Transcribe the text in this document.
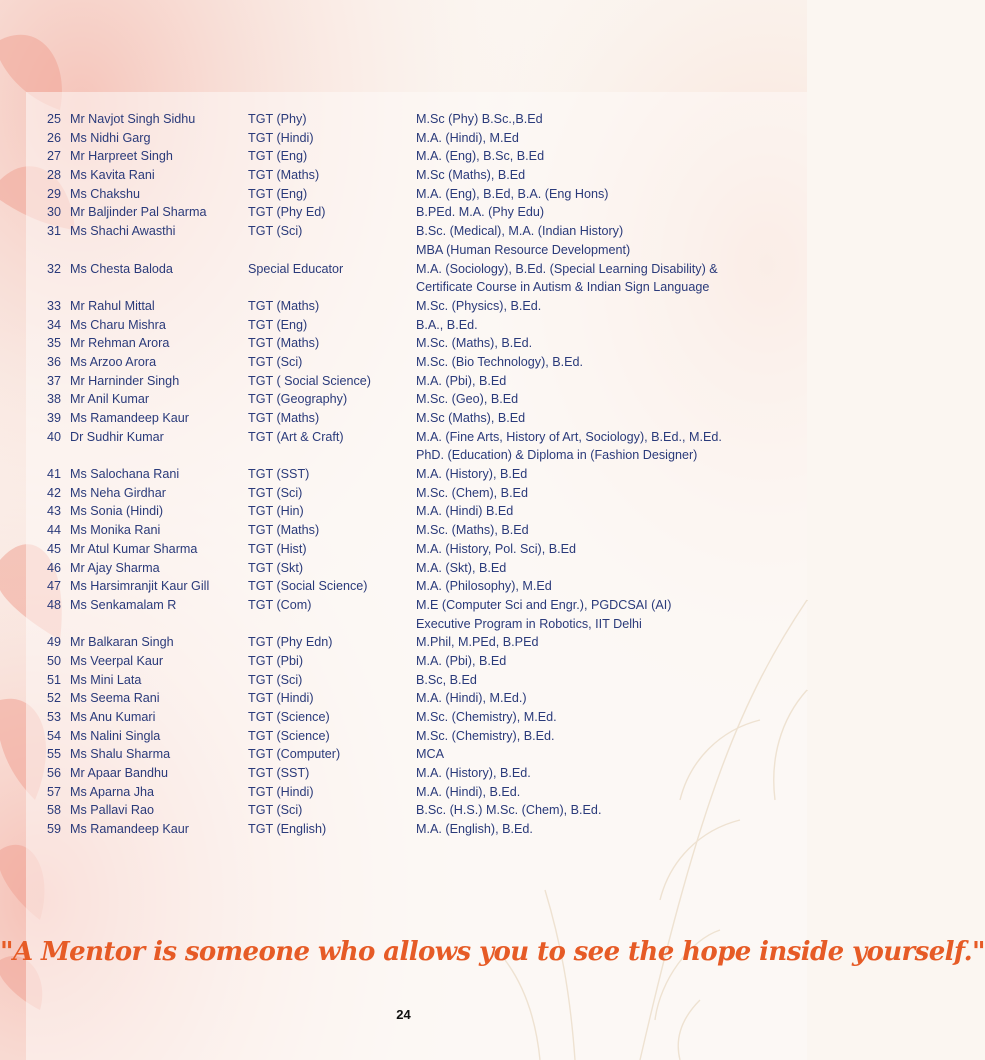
25 Mr Navjot Singh Sidhu	TGT (Phy)	M.Sc (Phy) B.Sc.,B.Ed
26 Ms Nidhi Garg	TGT (Hindi)	M.A. (Hindi), M.Ed
27 Mr Harpreet Singh	TGT (Eng)	M.A. (Eng), B.Sc, B.Ed
28 Ms Kavita Rani	TGT (Maths)	M.Sc (Maths), B.Ed
29 Ms Chakshu	TGT (Eng)	M.A. (Eng), B.Ed, B.A. (Eng Hons)
30 Mr Baljinder Pal Sharma	TGT (Phy Ed)	B.PEd. M.A. (Phy Edu)
31 Ms Shachi Awasthi	TGT (Sci)	B.Sc. (Medical), M.A. (Indian History)
MBA (Human Resource Development)
32 Ms Chesta Baloda	Special Educator	M.A. (Sociology), B.Ed. (Special Learning Disability) &
Certificate Course in Autism & Indian Sign Language
33 Mr Rahul Mittal	TGT (Maths)	M.Sc. (Physics), B.Ed.
34 Ms Charu Mishra	TGT (Eng)	B.A., B.Ed.
35 Mr Rehman Arora	TGT (Maths)	M.Sc. (Maths), B.Ed.
36 Ms Arzoo Arora	TGT (Sci)	M.Sc. (Bio Technology), B.Ed.
37 Mr Harninder Singh	TGT ( Social Science)	M.A. (Pbi), B.Ed
38 Mr Anil Kumar	TGT (Geography)	M.Sc. (Geo), B.Ed
39 Ms Ramandeep Kaur	TGT (Maths)	M.Sc (Maths), B.Ed
40 Dr Sudhir Kumar	TGT (Art & Craft)	M.A. (Fine Arts, History of Art, Sociology), B.Ed., M.Ed.
PhD. (Education) & Diploma in (Fashion Designer)
41 Ms Salochana Rani	TGT (SST)	M.A. (History), B.Ed
42 Ms Neha Girdhar	TGT (Sci)	M.Sc. (Chem), B.Ed
43 Ms Sonia (Hindi)	TGT (Hin)	M.A. (Hindi) B.Ed
44 Ms Monika Rani	TGT (Maths)	M.Sc. (Maths), B.Ed
45 Mr Atul Kumar Sharma	TGT (Hist)	M.A. (History, Pol. Sci), B.Ed
46 Mr Ajay Sharma	TGT (Skt)	M.A. (Skt), B.Ed
47 Ms Harsimranjit Kaur Gill	TGT (Social Science)	M.A. (Philosophy), M.Ed
48 Ms Senkamalam R	TGT (Com)	M.E (Computer Sci and Engr.), PGDCSAI (AI)
Executive Program in Robotics, IIT Delhi
49 Mr Balkaran Singh	TGT (Phy Edn)	M.Phil, M.PEd, B.PEd
50 Ms Veerpal Kaur	TGT (Pbi)	M.A. (Pbi), B.Ed
51 Ms Mini Lata	TGT (Sci)	B.Sc, B.Ed
52 Ms Seema Rani	TGT (Hindi)	M.A. (Hindi), M.Ed.)
53 Ms Anu Kumari	TGT (Science)	M.Sc. (Chemistry), M.Ed.
54 Ms Nalini Singla	TGT (Science)	M.Sc. (Chemistry), B.Ed.
55 Ms Shalu Sharma	TGT (Computer)	MCA
56 Mr Apaar Bandhu	TGT (SST)	M.A. (History), B.Ed.
57 Ms Aparna Jha	TGT (Hindi)	M.A. (Hindi), B.Ed.
58 Ms Pallavi Rao	TGT (Sci)	B.Sc. (H.S.) M.Sc. (Chem), B.Ed.
59 Ms Ramandeep Kaur	TGT (English)	M.A. (English), B.Ed.
"A Mentor is someone who allows you to see the hope inside yourself."
24
